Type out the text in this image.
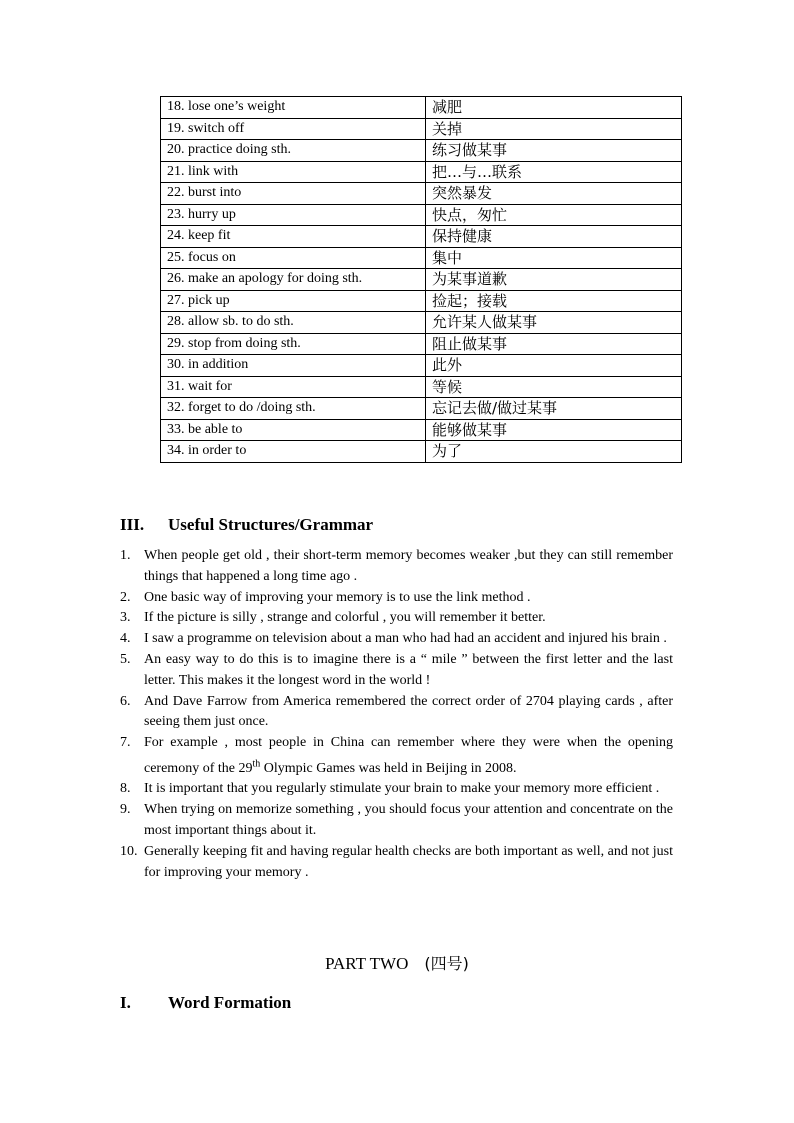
18. lose one’s weight	减肥
19. switch off	关掉
20. practice doing sth.	练习做某事
21. link with	把…与…联系
22. burst into	突然暴发
23. hurry up	快点，匆忙
24. keep fit	保持健康
25. focus on	集中
26. make an apology for doing sth.	为某事道歉
27. pick up	捡起；接载
28. allow sb. to do sth.	允许某人做某事
29. stop from doing sth.	阻止做某事
30. in addition	此外
31. wait for	等候
32. forget to do /doing sth.	忘记去做/做过某事
33. be able to	能够做某事
34. in order to	为了
III. Useful Structures/Grammar
1. When people get old , their short-term memory becomes weaker ,but they can still remember things that happened a long time ago .
2. One basic way of improving your memory is to use the link method .
3. If the picture is silly , strange and colorful , you will remember it better.
4. I saw a programme on television about a man who had had an accident and injured his brain .
5. An easy way to do this is to imagine there is a “ mile ” between the first letter and the last letter. This makes it the longest word in the world !
6. And Dave Farrow from America remembered the correct order of 2704 playing cards , after seeing them just once.
7. For example , most people in China can remember where they were when the opening ceremony of the 29th Olympic Games was held in Beijing in 2008.
8. It is important that you regularly stimulate your brain to make your memory more efficient .
9. When trying on memorize something , you should focus your attention and concentrate on the most important things about it.
10. Generally keeping fit and having regular health checks are both important as well, and not just for improving your memory .
PART TWO (四号)
I. Word Formation
